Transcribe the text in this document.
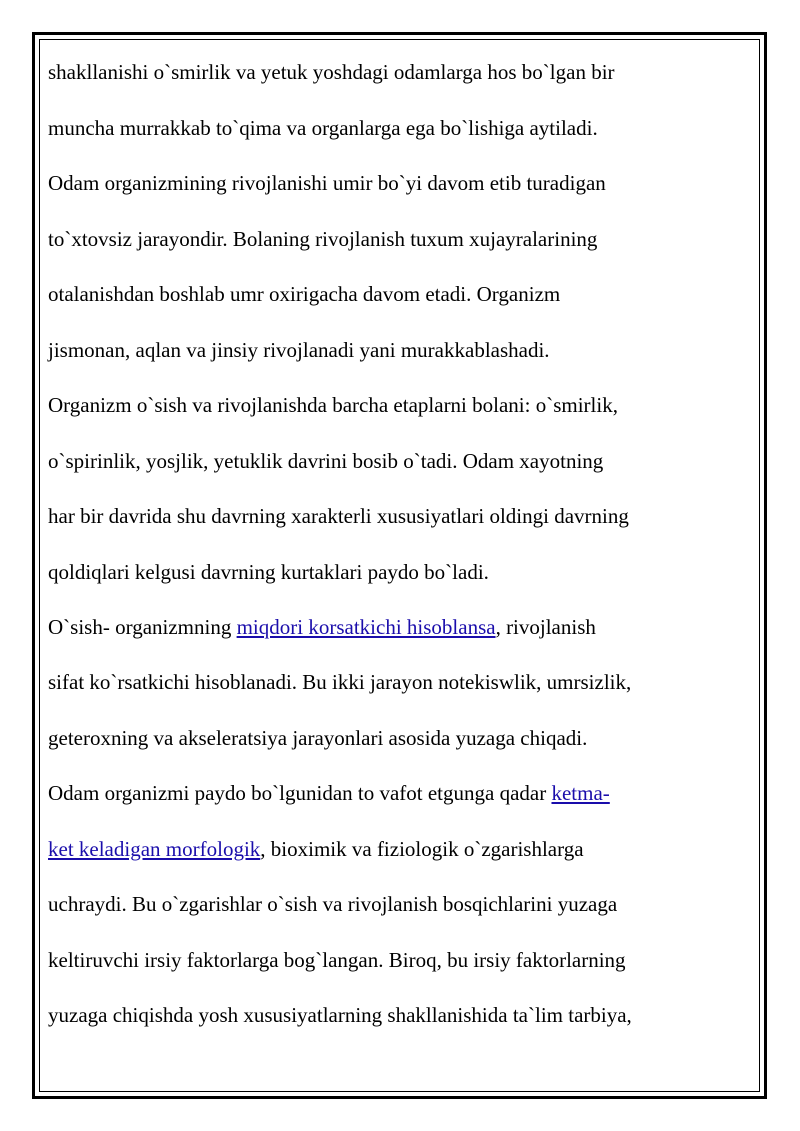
shakllanishi o`smirlik va yetuk yoshdagi odamlarga hos bo`lgan bir
muncha murrakkab to`qima va organlarga ega bo`lishiga aytiladi.
Odam organizmining rivojlanishi umir bo`yi davom etib turadigan
to`xtovsiz jarayondir. Bolaning rivojlanish tuxum xujayralarining
otalanishdan boshlab umr oxirigacha davom etadi. Organizm
jismonan, aqlan va jinsiy rivojlanadi yani murakkablashadi.
Organizm o`sish va rivojlanishda barcha etaplarni bolani: o`smirlik,
o`spirinlik, yosjlik, yetuklik davrini bosib o`tadi. Odam xayotning
har bir davrida shu davrning xarakterli xususiyatlari oldingi davrning
qoldiqlari kelgusi davrning kurtaklari paydo bo`ladi.
O`sish- organizmning miqdori korsatkichi hisoblansa, rivojlanish
sifat ko`rsatkichi hisoblanadi. Bu ikki jarayon notekiswlik, umrsizlik,
geteroxning va akseleratsiya jarayonlari asosida yuzaga chiqadi.
Odam organizmi paydo bo`lgunidan to vafot etgunga qadar ketma-
ket keladigan morfologik, bioximik va fiziologik o`zgarishlarga
uchraydi. Bu o`zgarishlar o`sish va rivojlanish bosqichlarini yuzaga
keltiruvchi irsiy faktorlarga bog`langan. Biroq, bu irsiy faktorlarning
yuzaga chiqishda yosh xususiyatlarning shakllanishida ta`lim tarbiya,
